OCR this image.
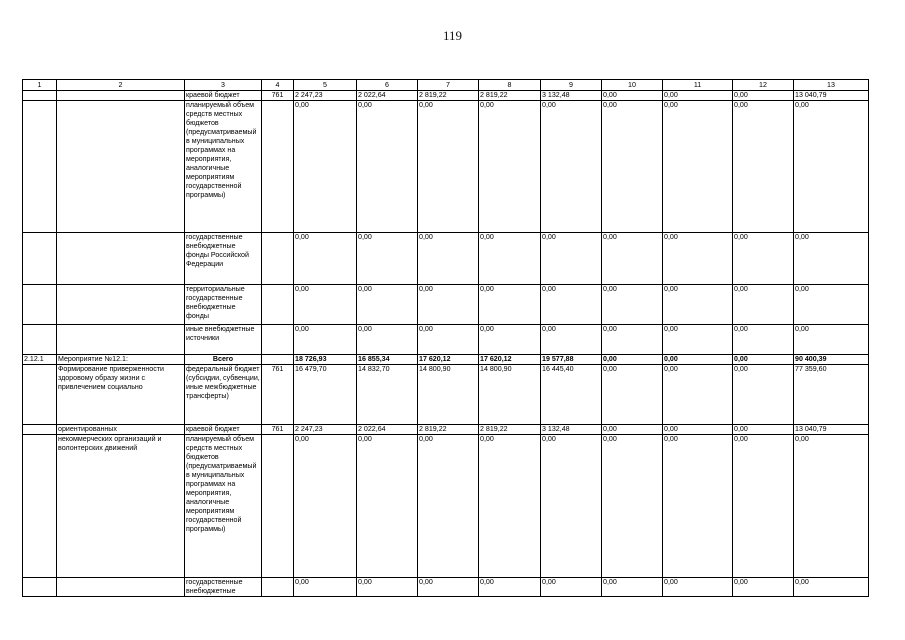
119
1	2	3	4	5	6	7	8	9	10	11	12	13
		краевой бюджет	761	2 247,23	2 022,64	2 819,22	2 819,22	3 132,48	0,00	0,00	0,00	13 040,79
		планируемый объем средств местных бюджетов (предусматриваемый в муниципальных программах на мероприятия, аналогичные мероприятиям государственной программы)		0,00	0,00	0,00	0,00	0,00	0,00	0,00	0,00	0,00
		государственные внебюджетные фонды Российской Федерации		0,00	0,00	0,00	0,00	0,00	0,00	0,00	0,00	0,00
		территориальные государственные внебюджетные фонды		0,00	0,00	0,00	0,00	0,00	0,00	0,00	0,00	0,00
		иные внебюджетные источники		0,00	0,00	0,00	0,00	0,00	0,00	0,00	0,00	0,00
2.12.1	Мероприятие №12.1:	Всего		18 726,93	16 855,34	17 620,12	17 620,12	19 577,88	0,00	0,00	0,00	90 400,39
	Формирование приверженности здоровому образу жизни с привлечением социально	федеральный бюджет (субсидии, субвенции, иные межбюджетные трансферты)	761	16 479,70	14 832,70	14 800,90	14 800,90	16 445,40	0,00	0,00	0,00	77 359,60
	ориентированных	краевой бюджет	761	2 247,23	2 022,64	2 819,22	2 819,22	3 132,48	0,00	0,00	0,00	13 040,79
	некоммерческих организаций и волонтерских движений	планируемый объем средств местных бюджетов (предусматриваемый в муниципальных программах на мероприятия, аналогичные мероприятиям государственной программы)		0,00	0,00	0,00	0,00	0,00	0,00	0,00	0,00	0,00
		государственные внебюджетные		0,00	0,00	0,00	0,00	0,00	0,00	0,00	0,00	0,00
